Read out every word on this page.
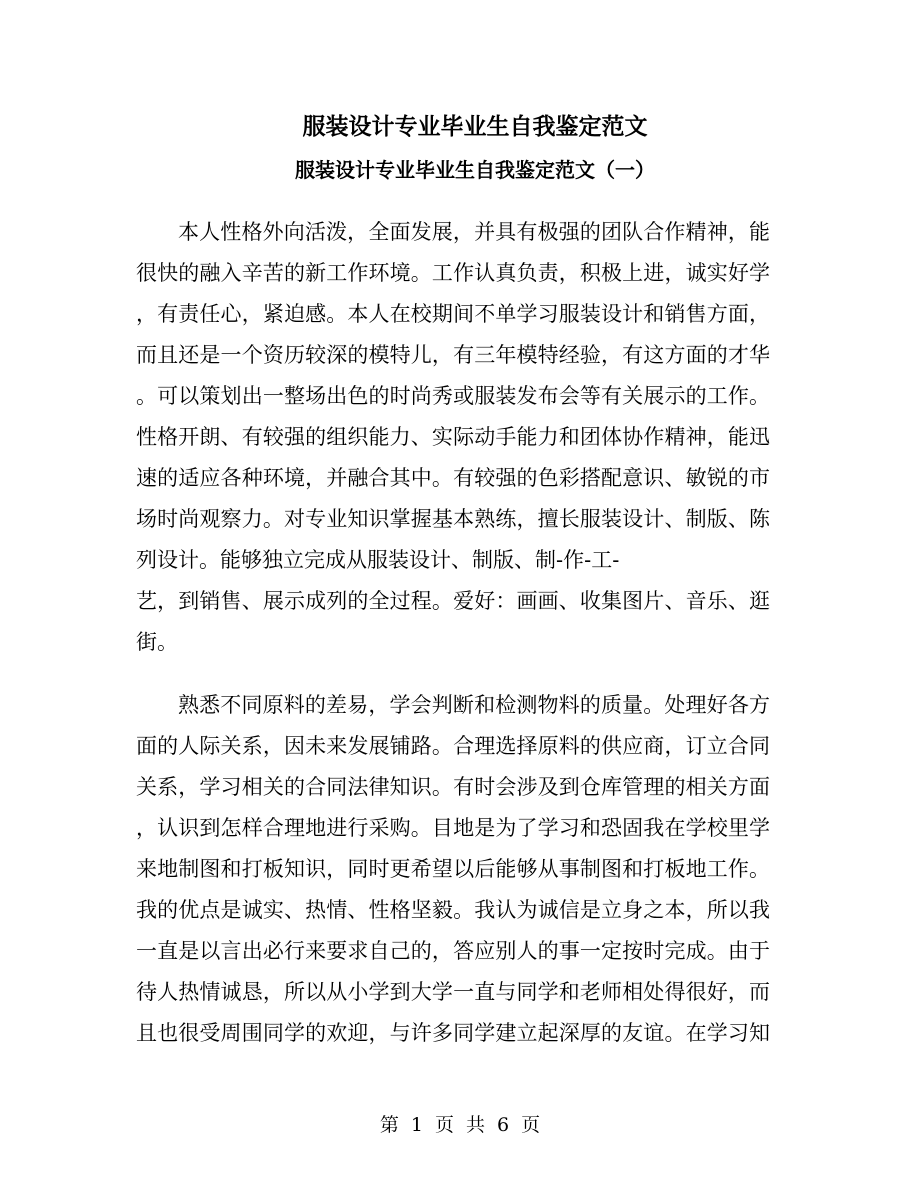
服装设计专业毕业生自我鉴定范文
服装设计专业毕业生自我鉴定范文（一）
本人性格外向活泼，全面发展，并具有极强的团队合作精神，能
很快的融入辛苦的新工作环境。工作认真负责，积极上进，诚实好学
，有责任心，紧迫感。本人在校期间不单学习服装设计和销售方面，
而且还是一个资历较深的模特儿，有三年模特经验，有这方面的才华
。可以策划出一整场出色的时尚秀或服装发布会等有关展示的工作。
性格开朗、有较强的组织能力、实际动手能力和团体协作精神，能迅
速的适应各种环境，并融合其中。有较强的色彩搭配意识、敏锐的市
场时尚观察力。对专业知识掌握基本熟练，擅长服装设计、制版、陈
列设计。能够独立完成从服装设计、制版、制-作-工-
艺，到销售、展示成列的全过程。爱好：画画、收集图片、音乐、逛
街。
熟悉不同原料的差易，学会判断和检测物料的质量。处理好各方
面的人际关系，因未来发展铺路。合理选择原料的供应商，订立合同
关系，学习相关的合同法律知识。有时会涉及到仓库管理的相关方面
，认识到怎样合理地进行采购。目地是为了学习和恐固我在学校里学
来地制图和打板知识，同时更希望以后能够从事制图和打板地工作。
我的优点是诚实、热情、性格坚毅。我认为诚信是立身之本，所以我
一直是以言出必行来要求自己的，答应别人的事一定按时完成。由于
待人热情诚恳，所以从小学到大学一直与同学和老师相处得很好，而
且也很受周围同学的欢迎，与许多同学建立起深厚的友谊。在学习知
第 1 页 共 6 页
